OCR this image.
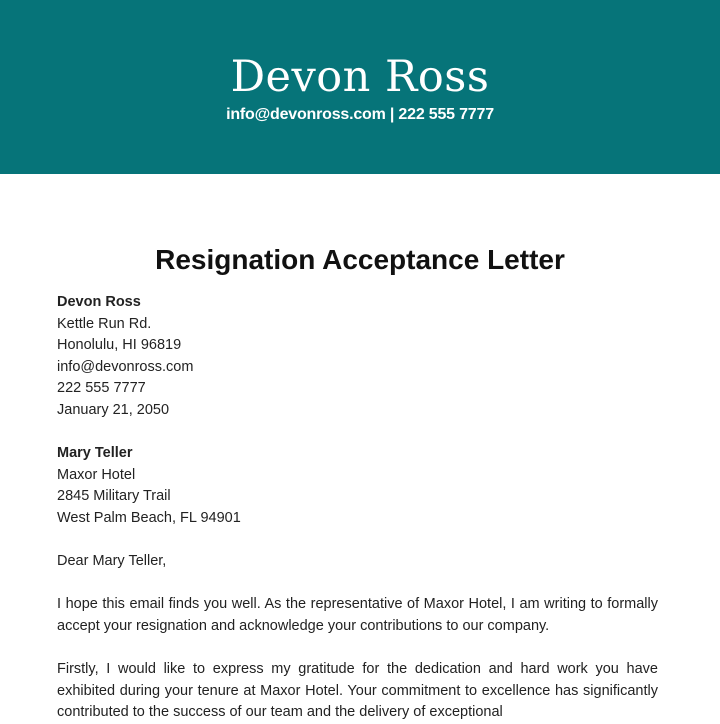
Devon Ross
info@devonross.com | 222 555 7777
Resignation Acceptance Letter
Devon Ross
Kettle Run Rd.
Honolulu, HI 96819
info@devonross.com
222 555 7777
January 21, 2050
Mary Teller
Maxor Hotel
2845 Military Trail
West Palm Beach, FL 94901
Dear Mary Teller,
I hope this email finds you well. As the representative of Maxor Hotel, I am writing to formally accept your resignation and acknowledge your contributions to our company.
Firstly, I would like to express my gratitude for the dedication and hard work you have exhibited during your tenure at Maxor Hotel. Your commitment to excellence has significantly contributed to the success of our team and the delivery of exceptional
